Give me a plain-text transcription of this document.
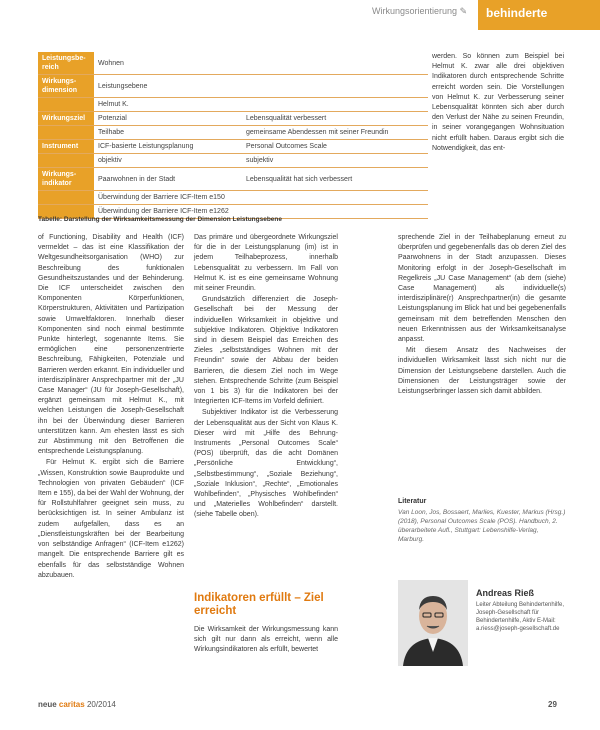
Wirkungsorientierung ✎	behinderte
Leistungsbe-reich	Wohnen	
Wirkungs-dimension	Leistungsebene	
	Helmut K.	
Wirkungsziel	Potenzial	Lebensqualität verbessert
	Teilhabe	gemeinsame Abendessen mit seiner Freundin
Instrument	ICF-basierte Leistungsplanung	Personal Outcomes Scale
	objektiv	subjektiv
Wirkungs-indikator	Paarwohnen in der Stadt	Lebensqualität hat sich verbessert
	Überwindung der Barriere ICF-Item e150	
	Überwindung der Barriere ICF-Item e1262	
Tabelle: Darstellung der Wirksamkeitsmessung der Dimension Leistungsebene

werden. So können zum Beispiel bei Helmut K. zwar alle drei objektiven Indikatoren durch entsprechende Schritte erreicht worden sein. Die Vorstellungen von Helmut K. zur Verbesserung seiner Lebensqualität könnten sich aber durch den Verlust der Nähe zu seinen Freundin, in seiner vorangegangen Wohnsituation nicht erfüllt haben. Daraus ergibt sich die Notwendigkeit, das ent-

of Functioning, Disability and Health (ICF) vermeldet – das ist eine Klassifikation der Weltgesundheitsorganisation (WHO) zur Beschreibung des funktionalen Gesundheitszustandes und der Behinderung. Die ICF unterscheidet zwischen den Komponenten Körperfunktionen, Körperstrukturen, Aktivitäten und Partizipation sowie Umweltfaktoren. Innerhalb dieser Komponenten sind noch einmal bestimmte Punkte hinterlegt, sogenannte Items. Sie ermöglichen eine personenzentrierte Beschreibung, Fähigkeiten, Potenziale und Barrieren werden erkannt. Ein individueller und interdisziplinärer Ansprechpartner mit der „JU Case Manager“ (JU für Joseph-Gesellschaft), ergänzt gemeinsam mit Helmut K., mit welchen Leistungen die Joseph-Gesellschaft ihn bei der Überwindung dieser Barrieren unterstützen kann. Am ehesten lässt es sich zur Abstimmung mit den Betroffenen die entsprechende Leistungsplanung.

Für Helmut K. ergibt sich die Barriere „Wissen, Konstruktion sowie Bauprodukte und Technologien von privaten Gebäuden“ (ICF Item e 155), da bei der Wahl der Wohnung, der für Rollstuhlfahrer geeignet sein muss, zu berücksichtigen ist. In seiner Ambulanz ist zudem aufgefallen, dass es an „Dienstleistungskräften bei der Bearbeitung von selbständige Anfragen“ (ICF-Item e1262) mangelt. Die entsprechende Barriere gilt es ebenfalls für das selbstständige Wohnen abzubauen.

Das primäre und übergeordnete Wirkungsziel für die in der Leistungsplanung (im) ist in jedem Teilhabeprozess, innerhalb Lebensqualität zu verbessern. Im Fall von Helmut K. ist es eine gemeinsame Wohnung mit seiner Freundin.

Grundsätzlich differenziert die Joseph-Gesellschaft bei der Messung der individuellen Wirksamkeit in objektive und subjektive Indikatoren. Objektive Indikatoren sind in diesem Beispiel das Erreichen des Zieles „selbstständiges Wohnen mit der Freundin“ sowie der Abbau der beiden Barrieren, die diesem Ziel noch im Wege stehen. Entsprechende Schritte (zum Beispiel von 1 bis 3) für die Indikatoren bei der Integrierten ICF-Items im Vorfeld definiert.

Subjektiver Indikator ist die Verbesserung der Lebensqualität aus der Sicht von Klaus K. Dieser wird mit „Hilfe des Behrung-Instruments „Personal Outcomes Scale“ (POS) überprüft, das die acht Domänen „Persönliche Entwicklung“, „Selbstbestimmung“, „Soziale Beziehung“, „Soziale Inklusion“, „Rechte“, „Emotionales Wohlbefinden“, „Physisches Wohlbefinden“ und „Materielles Wohlbefinden“ darstellt. (siehe Tabelle oben).

Indikatoren erfüllt – Ziel erreicht

Die Wirksamkeit der Wirkungsmessung kann sich gilt nur dann als erreicht, wenn alle Wirkungsindikatoren als erfüllt, bewertet

sprechende Ziel in der Teilhabeplanung erneut zu überprüfen und gegebenenfalls das ob deren Ziel des Paarwohnens in der Stadt anzupassen. Dieses Monitoring erfolgt in der Joseph-Gesellschaft im Regelkreis „JU Case Management“ (ab dem (siehe) Case Management) als individuelle(s) interdisziplinäre(r) Ansprechpartner(in) die gesamte Leistungsplanung im Blick hat und bei gegebenenfalls gemeinsam mit dem betreffenden Menschen den neuen Erkenntnissen aus der Wirksamkeitsanalyse anpasst.

Mit diesem Ansatz des Nachweises der individuellen Wirksamkeit lässt sich nicht nur die Dimension der Leistungsebene darstellen. Auch die Dimensionen der Leistungsträger sowie der Leistungserbringer lassen sich damit abbilden.

Literatur
Van Loon, Jos, Bossaert, Marlies, Kuester, Markus (Hrsg.) (2018), Personal Outcomes Scale (POS). Handbuch, 2. überarbeitete Aufl., Stuttgart: Lebenshilfe-Verlag, Marburg.
Andreas Rieß
Leiter Abteilung Behindertenhilfe, Joseph-Gesellschaft für Behindertenhilfe, Aktiv E-Mail: a.riess@joseph-gesellschaft.de
neue caritas 20/2014	29
